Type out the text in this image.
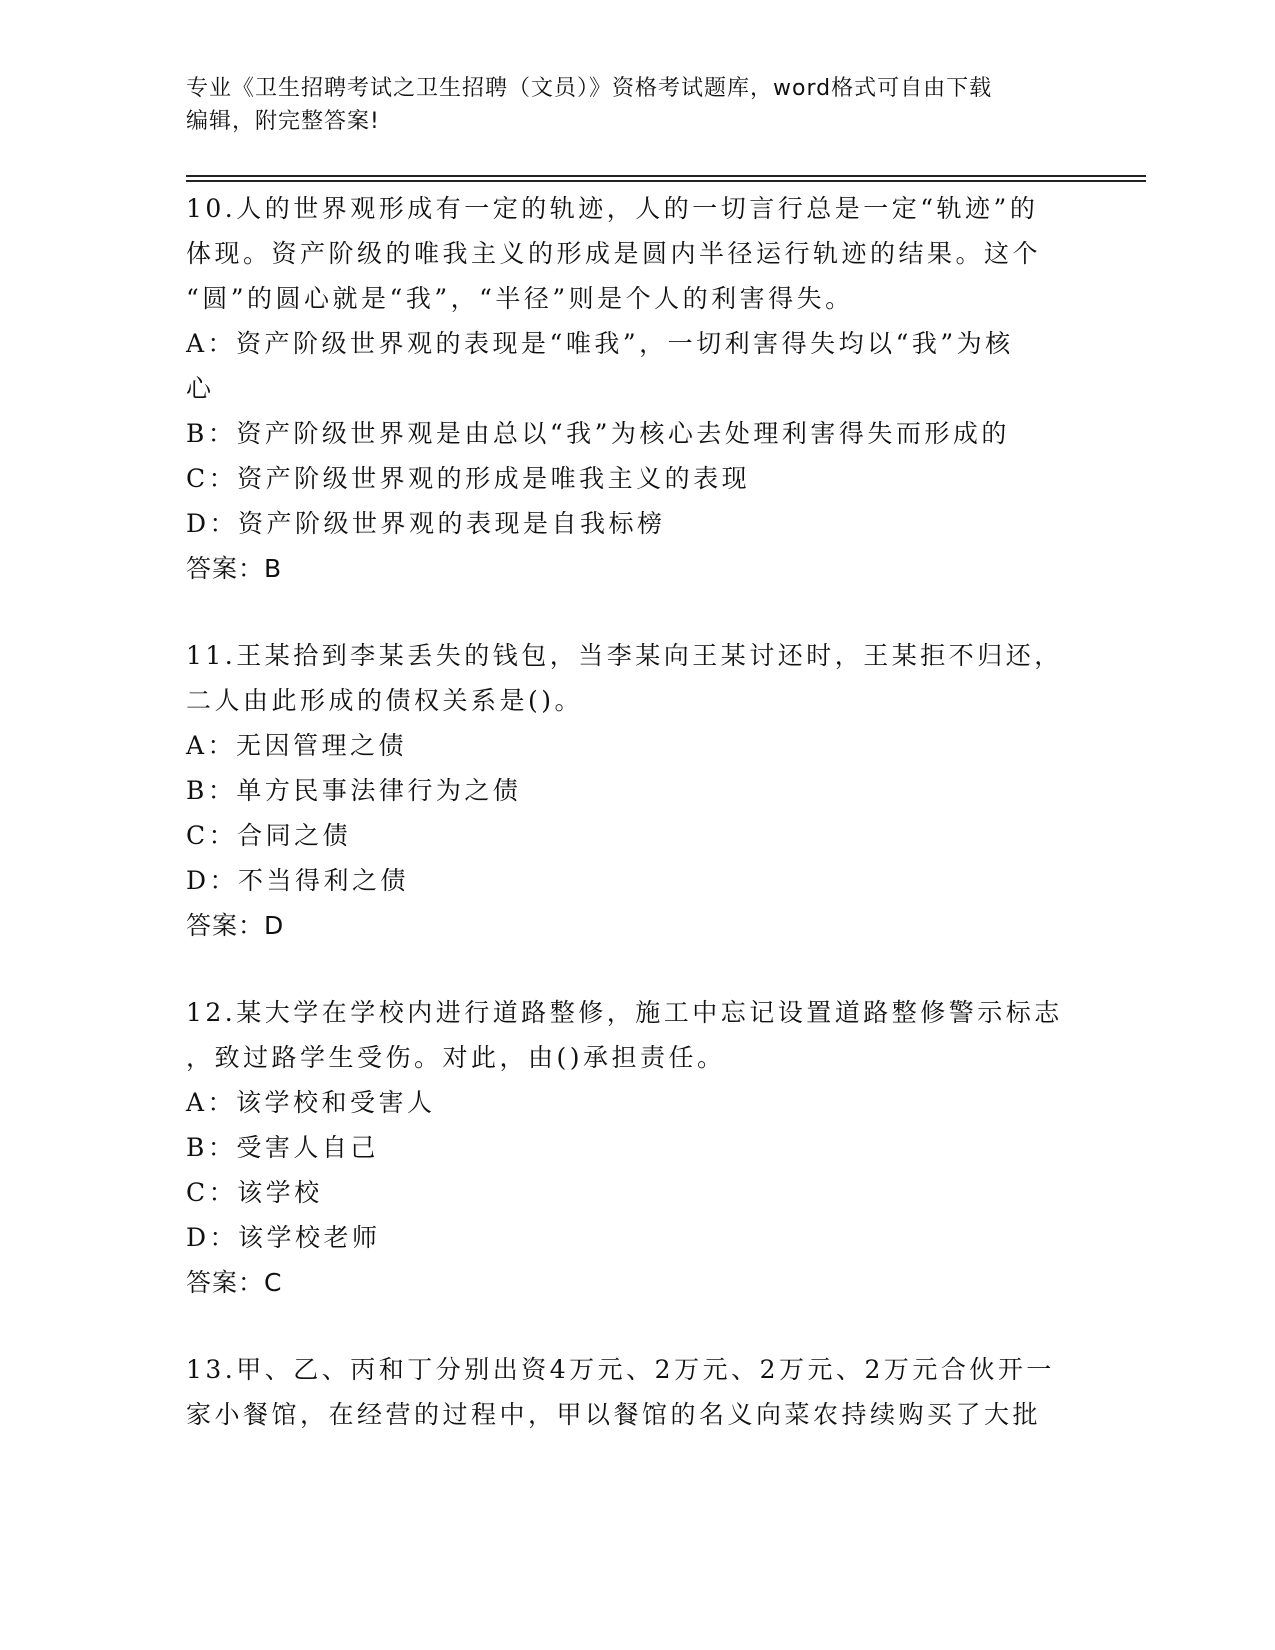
专业《卫生招聘考试之卫生招聘（文员）》资格考试题库，word格式可自由下载
编辑，附完整答案!
10.人的世界观形成有一定的轨迹，人的一切言行总是一定“轨迹”的
体现。资产阶级的唯我主义的形成是圆内半径运行轨迹的结果。这个
“圆”的圆心就是“我”，“半径”则是个人的利害得失。
A：资产阶级世界观的表现是“唯我”，一切利害得失均以“我”为核
心
B：资产阶级世界观是由总以“我”为核心去处理利害得失而形成的
C：资产阶级世界观的形成是唯我主义的表现
D：资产阶级世界观的表现是自我标榜
答案：B
11.王某拾到李某丢失的钱包，当李某向王某讨还时，王某拒不归还，
二人由此形成的债权关系是()。
A：无因管理之债
B：单方民事法律行为之债
C：合同之债
D：不当得利之债
答案：D
12.某大学在学校内进行道路整修，施工中忘记设置道路整修警示标志
，致过路学生受伤。对此，由()承担责任。
A：该学校和受害人
B：受害人自己
C：该学校
D：该学校老师
答案：C
13.甲、乙、丙和丁分别出资4万元、2万元、2万元、2万元合伙开一
家小餐馆，在经营的过程中，甲以餐馆的名义向菜农持续购买了大批
